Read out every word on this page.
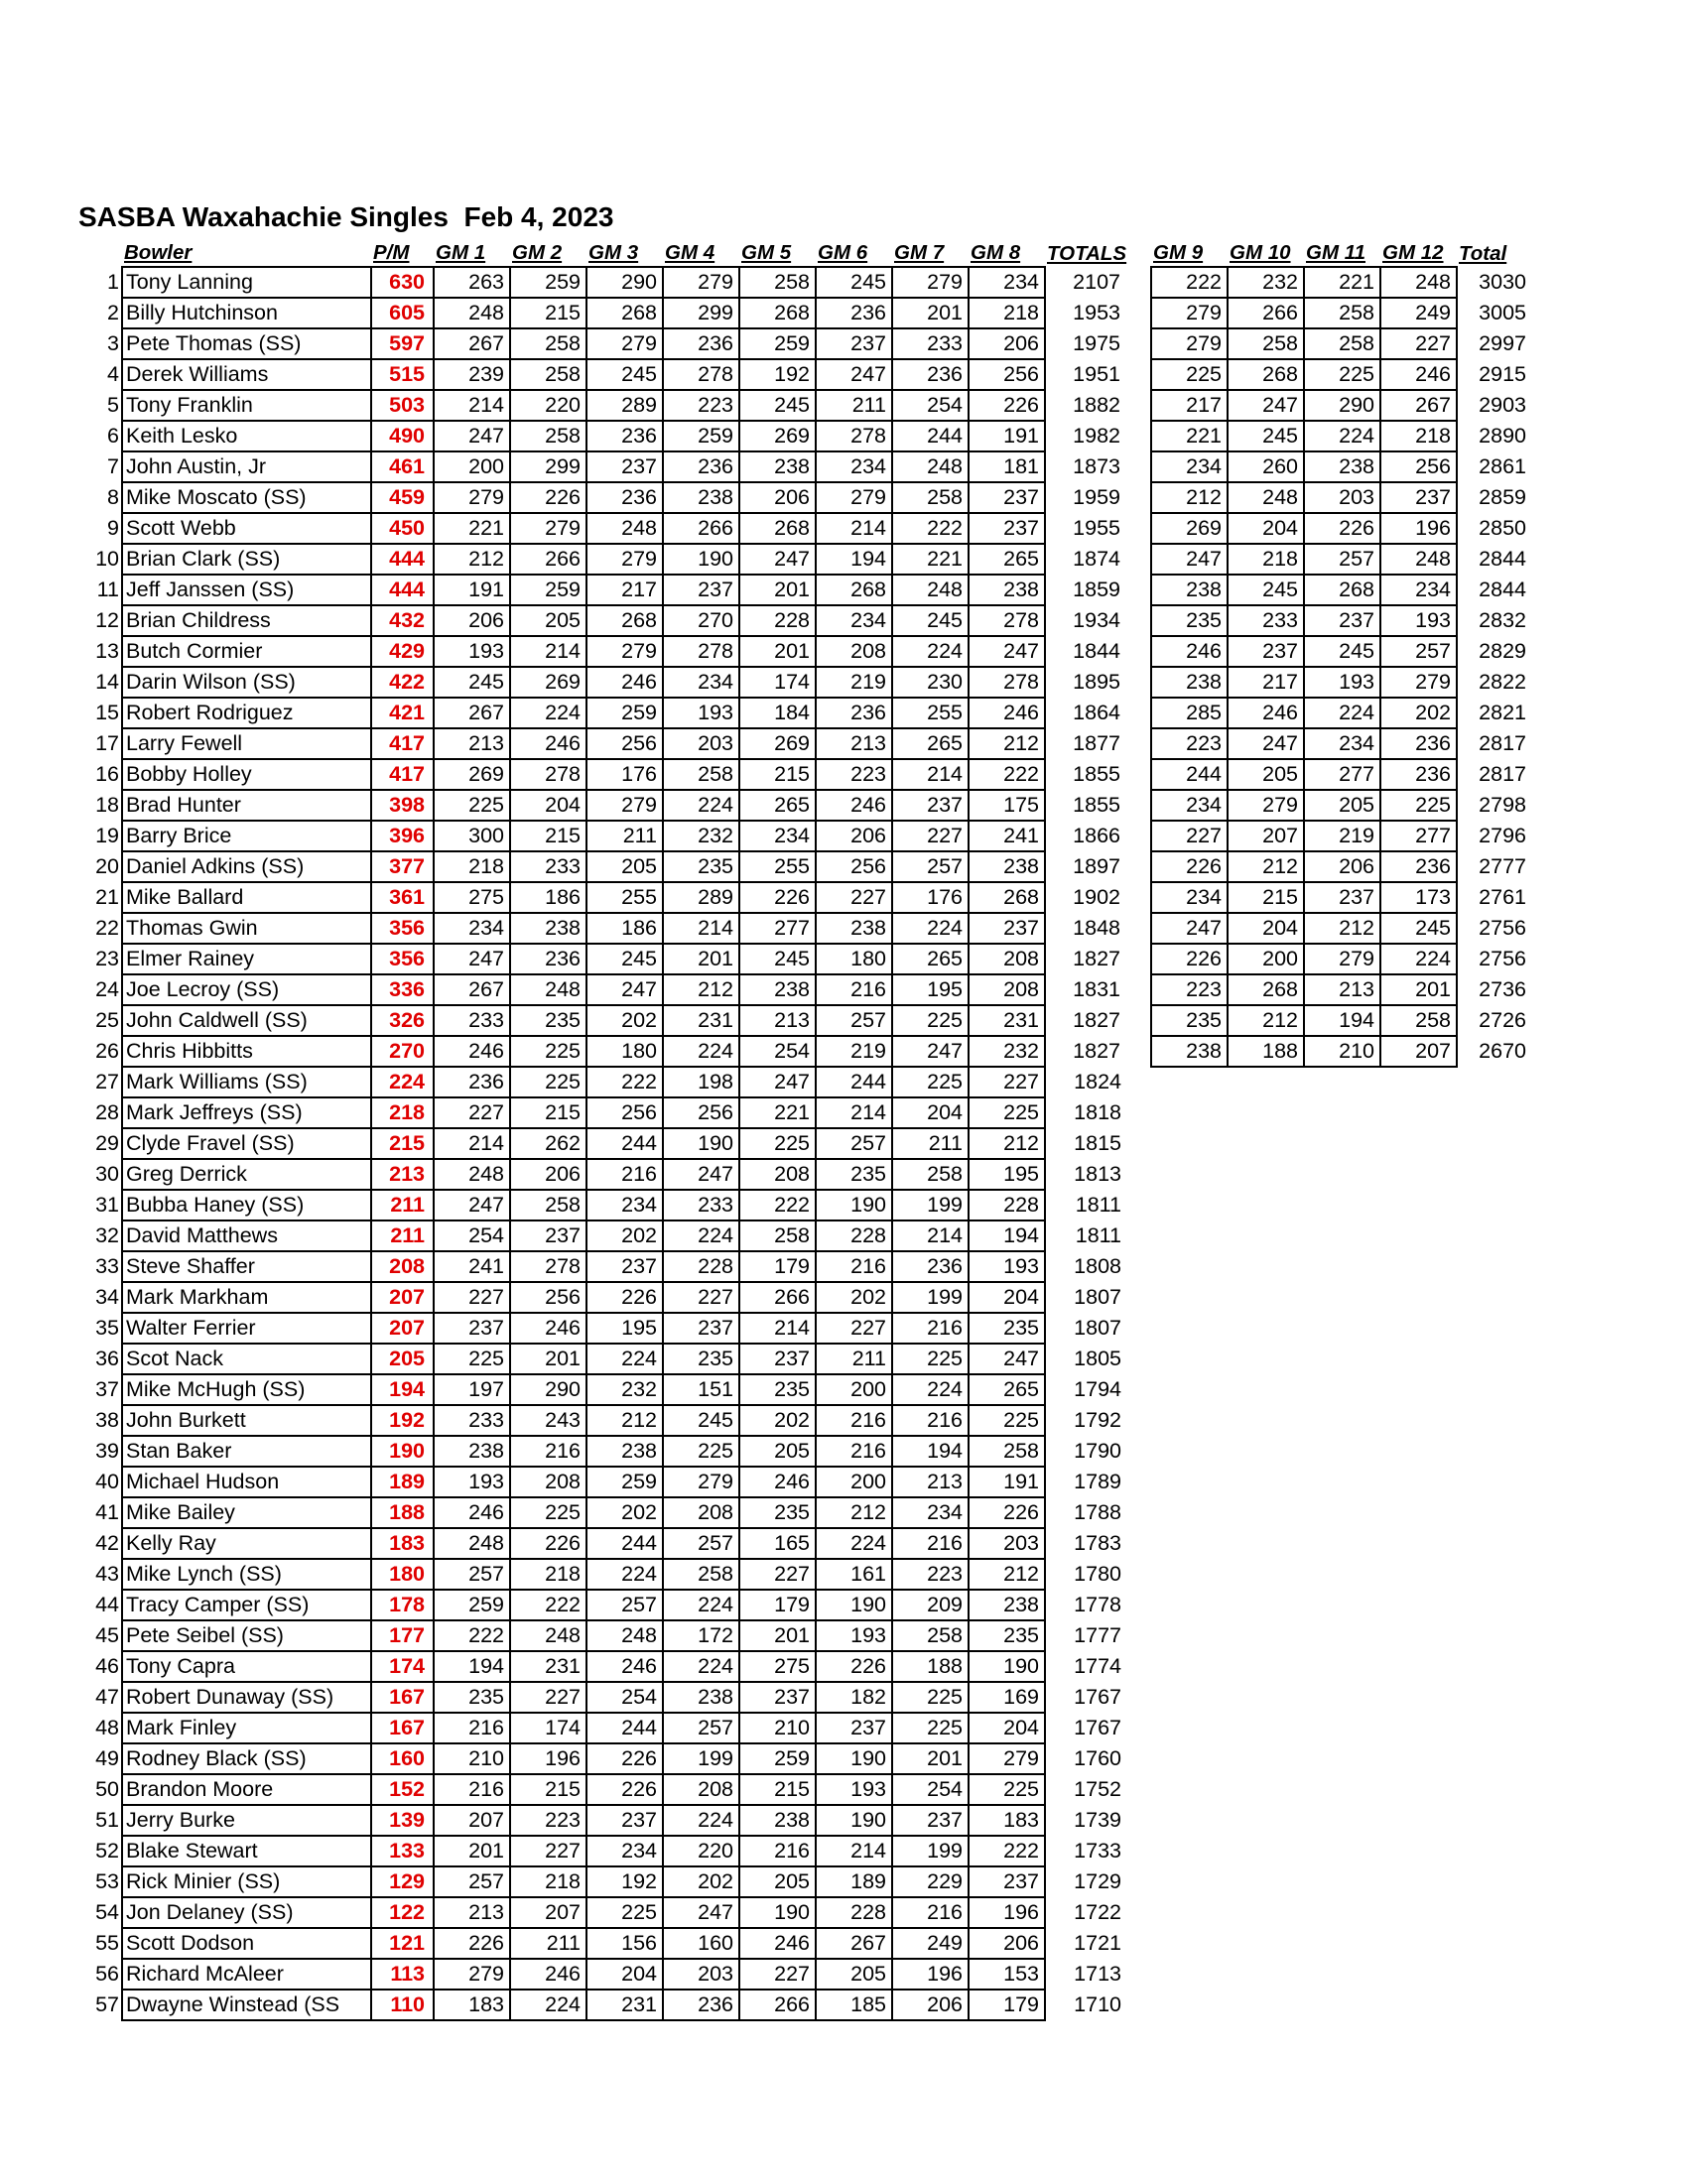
SASBA Waxahachie Singles  Feb 4, 2023
	Bowler	P/M	GM 1	GM 2	GM 3	GM 4	GM 5	GM 6	GM 7	GM 8	TOTALS	GM 9	GM 10	GM 11	GM 12	Total
1	Tony Lanning	630	263	259	290	279	258	245	279	234	2107	222	232	221	248	3030
2	Billy Hutchinson	605	248	215	268	299	268	236	201	218	1953	279	266	258	249	3005
3	Pete Thomas (SS)	597	267	258	279	236	259	237	233	206	1975	279	258	258	227	2997
4	Derek Williams	515	239	258	245	278	192	247	236	256	1951	225	268	225	246	2915
5	Tony Franklin	503	214	220	289	223	245	211	254	226	1882	217	247	290	267	2903
6	Keith Lesko	490	247	258	236	259	269	278	244	191	1982	221	245	224	218	2890
7	John Austin, Jr	461	200	299	237	236	238	234	248	181	1873	234	260	238	256	2861
8	Mike Moscato (SS)	459	279	226	236	238	206	279	258	237	1959	212	248	203	237	2859
9	Scott Webb	450	221	279	248	266	268	214	222	237	1955	269	204	226	196	2850
10	Brian Clark (SS)	444	212	266	279	190	247	194	221	265	1874	247	218	257	248	2844
11	Jeff Janssen (SS)	444	191	259	217	237	201	268	248	238	1859	238	245	268	234	2844
12	Brian Childress	432	206	205	268	270	228	234	245	278	1934	235	233	237	193	2832
13	Butch Cormier	429	193	214	279	278	201	208	224	247	1844	246	237	245	257	2829
14	Darin Wilson (SS)	422	245	269	246	234	174	219	230	278	1895	238	217	193	279	2822
15	Robert Rodriguez	421	267	224	259	193	184	236	255	246	1864	285	246	224	202	2821
17	Larry Fewell	417	213	246	256	203	269	213	265	212	1877	223	247	234	236	2817
16	Bobby Holley	417	269	278	176	258	215	223	214	222	1855	244	205	277	236	2817
18	Brad Hunter	398	225	204	279	224	265	246	237	175	1855	234	279	205	225	2798
19	Barry Brice	396	300	215	211	232	234	206	227	241	1866	227	207	219	277	2796
20	Daniel Adkins (SS)	377	218	233	205	235	255	256	257	238	1897	226	212	206	236	2777
21	Mike Ballard	361	275	186	255	289	226	227	176	268	1902	234	215	237	173	2761
22	Thomas Gwin	356	234	238	186	214	277	238	224	237	1848	247	204	212	245	2756
23	Elmer Rainey	356	247	236	245	201	245	180	265	208	1827	226	200	279	224	2756
24	Joe Lecroy (SS)	336	267	248	247	212	238	216	195	208	1831	223	268	213	201	2736
25	John Caldwell (SS)	326	233	235	202	231	213	257	225	231	1827	235	212	194	258	2726
26	Chris Hibbitts	270	246	225	180	224	254	219	247	232	1827	238	188	210	207	2670
27	Mark Williams (SS)	224	236	225	222	198	247	244	225	227	1824					
28	Mark Jeffreys (SS)	218	227	215	256	256	221	214	204	225	1818					
29	Clyde Fravel (SS)	215	214	262	244	190	225	257	211	212	1815					
30	Greg Derrick	213	248	206	216	247	208	235	258	195	1813					
31	Bubba Haney (SS)	211	247	258	234	233	222	190	199	228	1811					
32	David Matthews	211	254	237	202	224	258	228	214	194	1811					
33	Steve Shaffer	208	241	278	237	228	179	216	236	193	1808					
34	Mark Markham	207	227	256	226	227	266	202	199	204	1807					
35	Walter Ferrier	207	237	246	195	237	214	227	216	235	1807					
36	Scot Nack	205	225	201	224	235	237	211	225	247	1805					
37	Mike McHugh (SS)	194	197	290	232	151	235	200	224	265	1794					
38	John Burkett	192	233	243	212	245	202	216	216	225	1792					
39	Stan Baker	190	238	216	238	225	205	216	194	258	1790					
40	Michael Hudson	189	193	208	259	279	246	200	213	191	1789					
41	Mike Bailey	188	246	225	202	208	235	212	234	226	1788					
42	Kelly Ray	183	248	226	244	257	165	224	216	203	1783					
43	Mike Lynch (SS)	180	257	218	224	258	227	161	223	212	1780					
44	Tracy Camper (SS)	178	259	222	257	224	179	190	209	238	1778					
45	Pete Seibel (SS)	177	222	248	248	172	201	193	258	235	1777					
46	Tony Capra	174	194	231	246	224	275	226	188	190	1774					
47	Robert Dunaway (SS)	167	235	227	254	238	237	182	225	169	1767					
48	Mark Finley	167	216	174	244	257	210	237	225	204	1767					
49	Rodney Black (SS)	160	210	196	226	199	259	190	201	279	1760					
50	Brandon Moore	152	216	215	226	208	215	193	254	225	1752					
51	Jerry Burke	139	207	223	237	224	238	190	237	183	1739					
52	Blake Stewart	133	201	227	234	220	216	214	199	222	1733					
53	Rick Minier (SS)	129	257	218	192	202	205	189	229	237	1729					
54	Jon Delaney (SS)	122	213	207	225	247	190	228	216	196	1722					
55	Scott Dodson	121	226	211	156	160	246	267	249	206	1721					
56	Richard McAleer	113	279	246	204	203	227	205	196	153	1713					
57	Dwayne Winstead (SS	110	183	224	231	236	266	185	206	179	1710					
